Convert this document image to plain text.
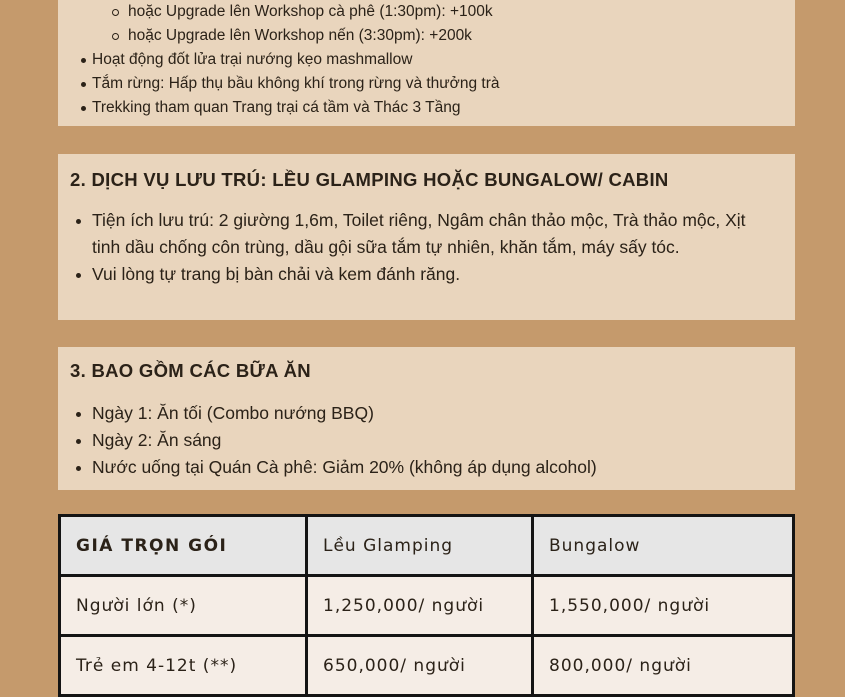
hoặc Upgrade lên Workshop cà phê (1:30pm): +100k
hoặc Upgrade lên Workshop nến (3:30pm): +200k
Hoạt động đốt lửa trại nướng kẹo mashmallow
Tắm rừng: Hấp thụ bầu không khí trong rừng và thưởng trà
Trekking tham quan Trang trại cá tầm và Thác 3 Tầng
2. DỊCH VỤ LƯU TRÚ: LỀU GLAMPING HOẶC BUNGALOW/ CABIN
Tiện ích lưu trú: 2 giường 1,6m, Toilet riêng, Ngâm chân thảo mộc, Trà thảo mộc, Xịt tinh dầu chống côn trùng, dầu gội sữa tắm tự nhiên, khăn tắm, máy sấy tóc.
Vui lòng tự trang bị bàn chải và kem đánh răng.
3. BAO GỒM CÁC BỮA ĂN
Ngày 1: Ăn tối (Combo nướng BBQ)
Ngày 2: Ăn sáng
Nước uống tại Quán Cà phê: Giảm 20% (không áp dụng alcohol)
GIÁ TRỌN GÓI	Lều Glamping	Bungalow
Người lớn (*)	1,250,000/ người	1,550,000/ người
Trẻ em 4-12t (**)	650,000/ người	800,000/ người
